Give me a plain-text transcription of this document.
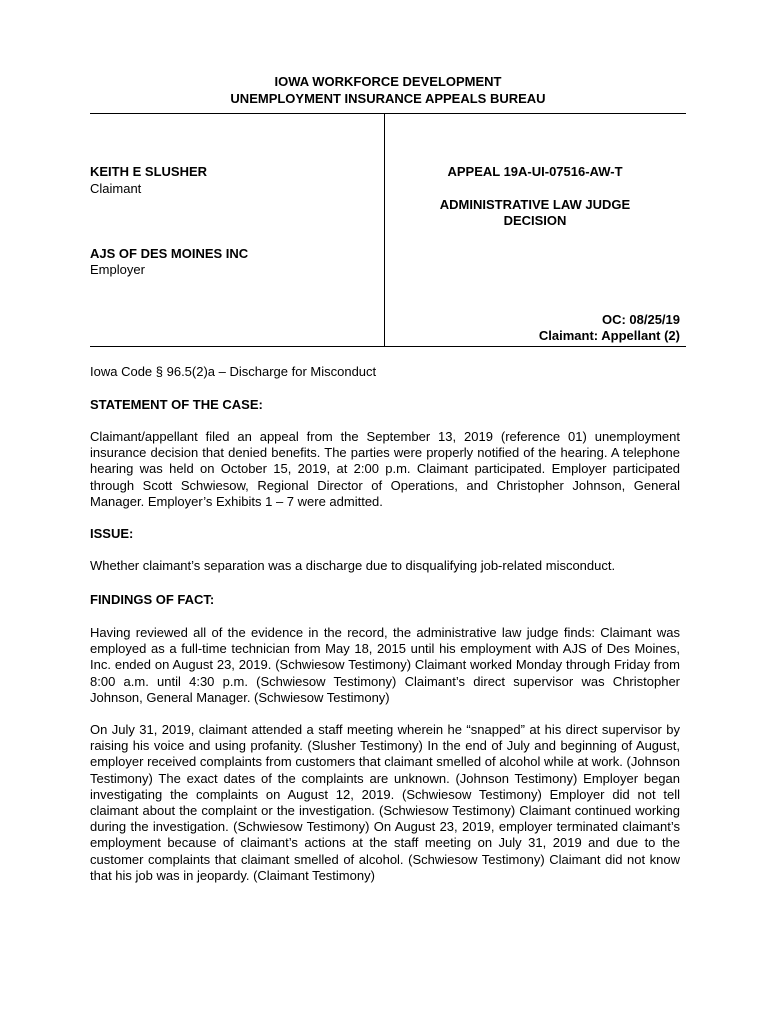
IOWA WORKFORCE DEVELOPMENT
UNEMPLOYMENT INSURANCE APPEALS BUREAU
KEITH E SLUSHER
Claimant
AJS OF DES MOINES INC
Employer
APPEAL 19A-UI-07516-AW-T
ADMINISTRATIVE LAW JUDGE
DECISION
OC: 08/25/19
Claimant: Appellant (2)
Iowa Code § 96.5(2)a – Discharge for Misconduct
STATEMENT OF THE CASE:
Claimant/appellant filed an appeal from the September 13, 2019 (reference 01) unemployment insurance decision that denied benefits. The parties were properly notified of the hearing. A telephone hearing was held on October 15, 2019, at 2:00 p.m. Claimant participated. Employer participated through Scott Schwiesow, Regional Director of Operations, and Christopher Johnson, General Manager. Employer’s Exhibits 1 – 7 were admitted.
ISSUE:
Whether claimant’s separation was a discharge due to disqualifying job-related misconduct.
FINDINGS OF FACT:
Having reviewed all of the evidence in the record, the administrative law judge finds: Claimant was employed as a full-time technician from May 18, 2015 until his employment with AJS of Des Moines, Inc. ended on August 23, 2019. (Schwiesow Testimony) Claimant worked Monday through Friday from 8:00 a.m. until 4:30 p.m. (Schwiesow Testimony) Claimant’s direct supervisor was Christopher Johnson, General Manager. (Schwiesow Testimony)
On July 31, 2019, claimant attended a staff meeting wherein he “snapped” at his direct supervisor by raising his voice and using profanity. (Slusher Testimony) In the end of July and beginning of August, employer received complaints from customers that claimant smelled of alcohol while at work. (Johnson Testimony) The exact dates of the complaints are unknown. (Johnson Testimony) Employer began investigating the complaints on August 12, 2019. (Schwiesow Testimony) Employer did not tell claimant about the complaint or the investigation. (Schwiesow Testimony) Claimant continued working during the investigation. (Schwiesow Testimony) On August 23, 2019, employer terminated claimant’s employment because of claimant’s actions at the staff meeting on July 31, 2019 and due to the customer complaints that claimant smelled of alcohol. (Schwiesow Testimony) Claimant did not know that his job was in jeopardy. (Claimant Testimony)
